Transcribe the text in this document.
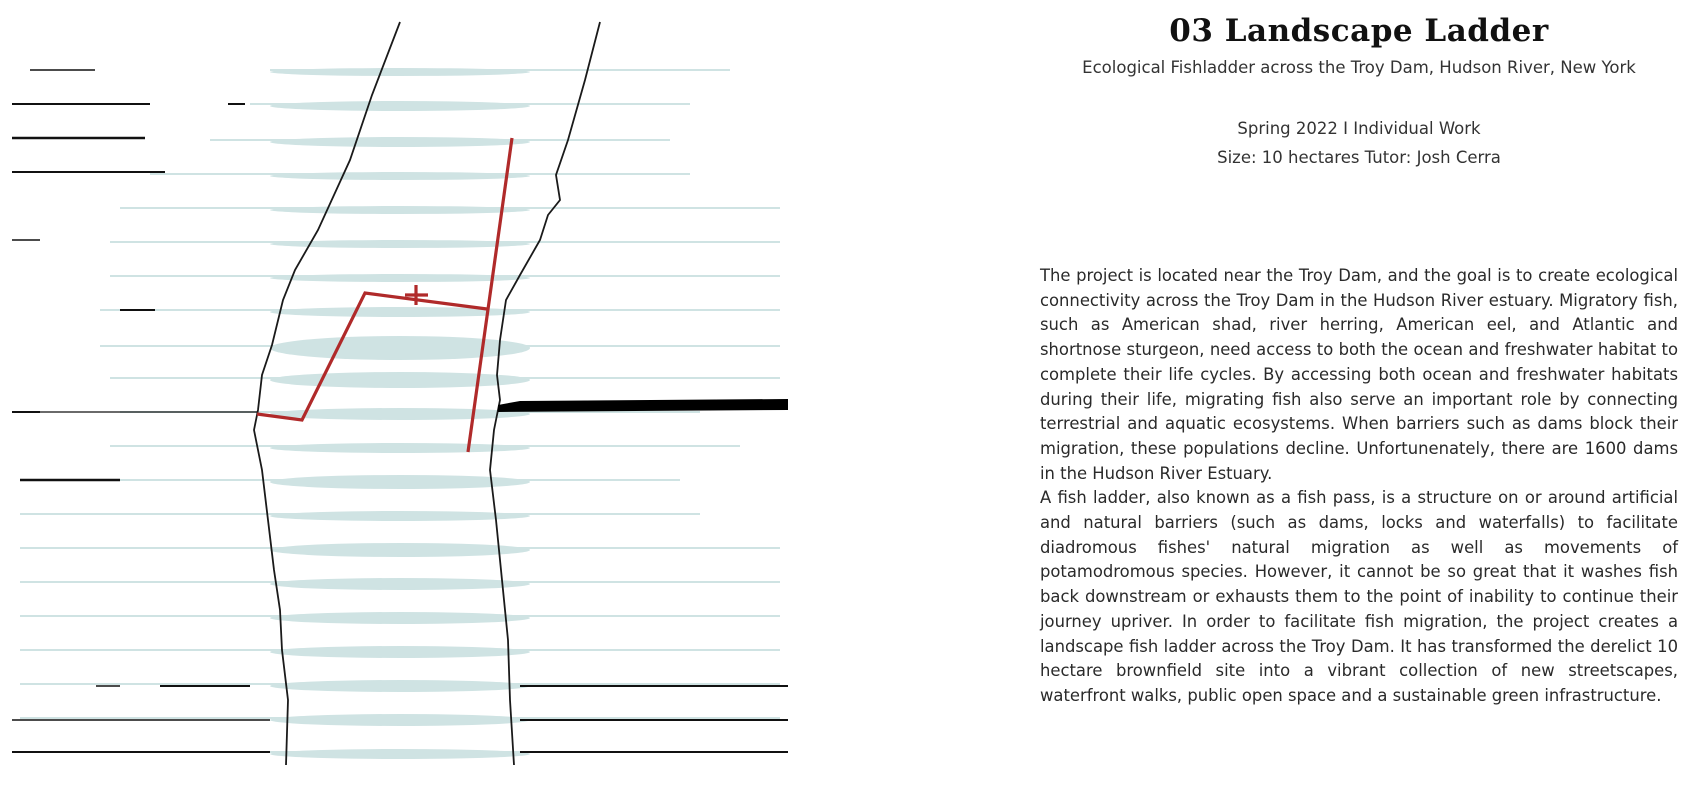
03 Landscape Ladder
Ecological Fishladder across the Troy Dam, Hudson River, New York
Spring 2022 I Individual Work
Size: 10 hectares Tutor: Josh Cerra

The project is located near the Troy Dam, and the goal is to create ecological connectivity across the Troy Dam in the Hudson River estuary. Migratory fish, such as American shad, river herring, American eel, and Atlantic and shortnose sturgeon, need access to both the ocean and freshwater habitat to complete their life cycles. By accessing both ocean and freshwater habitats during their life, migrating fish also serve an important role by connecting terrestrial and aquatic ecosystems. When barriers such as dams block their migration, these populations decline. Unfortunenately, there are 1600 dams in the Hudson River Estuary.

A fish ladder, also known as a fish pass, is a structure on or around artificial and natural barriers (such as dams, locks and waterfalls) to facilitate diadromous fishes' natural migration as well as movements of potamodromous species. However, it cannot be so great that it washes fish back downstream or exhausts them to the point of inability to continue their journey upriver. In order to facilitate fish migration, the project creates a landscape fish ladder across the Troy Dam. It has transformed the derelict 10 hectare brownfield site into a vibrant collection of new streetscapes, waterfront walks, public open space and a sustainable green infrastructure.
